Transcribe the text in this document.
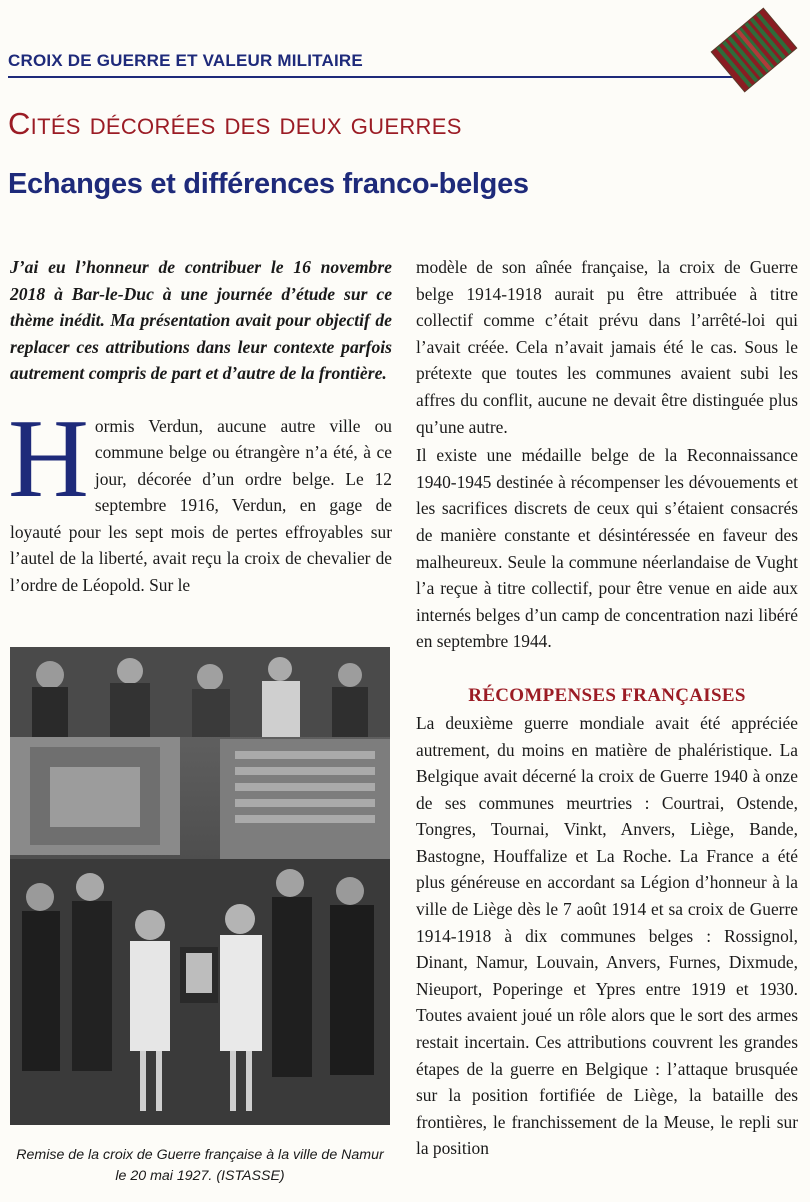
CROIX DE GUERRE ET VALEUR MILITAIRE
Cités décorées des deux guerres
Echanges et différences franco-belges

J’ai eu l’honneur de contribuer le 16 novembre 2018 à Bar-le-Duc à une journée d’étude sur ce thème inédit. Ma présentation avait pour objectif de replacer ces attributions dans leur contexte parfois autrement compris de part et d’autre de la frontière.

Hormis Verdun, aucune autre ville ou commune belge ou étrangère n’a été, à ce jour, décorée d’un ordre belge. Le 12 septembre 1916, Verdun, en gage de loyauté pour les sept mois de pertes effroyables sur l’autel de la liberté, avait reçu la croix de chevalier de l’ordre de Léopold. Sur le

Remise de la croix de Guerre française à la ville de Namur
le 20 mai 1927. (ISTASSE)

modèle de son aînée française, la croix de Guerre belge 1914-1918 aurait pu être attribuée à titre collectif comme c’était prévu dans l’arrêté-loi qui l’avait créée. Cela n’avait jamais été le cas. Sous le prétexte que toutes les communes avaient subi les affres du conflit, aucune ne devait être distinguée plus qu’une autre.

Il existe une médaille belge de la Reconnaissance 1940-1945 destinée à récompenser les dévouements et les sacrifices discrets de ceux qui s’étaient consacrés de manière constante et désintéressée en faveur des malheureux. Seule la commune néerlandaise de Vught l’a reçue à titre collectif, pour être venue en aide aux internés belges d’un camp de concentration nazi libéré en septembre 1944.

RÉCOMPENSES FRANÇAISES

La deuxième guerre mondiale avait été appréciée autrement, du moins en matière de phaléristique. La Belgique avait décerné la croix de Guerre 1940 à onze de ses communes meurtries : Courtrai, Ostende, Tongres, Tournai, Vinkt, Anvers, Liège, Bande, Bastogne, Houffalize et La Roche. La France a été plus généreuse en accordant sa Légion d’honneur à la ville de Liège dès le 7 août 1914 et sa croix de Guerre 1914-1918 à dix communes belges : Rossignol, Dinant, Namur, Louvain, Anvers, Furnes, Dixmude, Nieuport, Poperinge et Ypres entre 1919 et 1930. Toutes avaient joué un rôle alors que le sort des armes restait incertain. Ces attributions couvrent les grandes étapes de la guerre en Belgique : l’attaque brusquée sur la position fortifiée de Liège, la bataille des frontières, le franchissement de la Meuse, le repli sur la position
